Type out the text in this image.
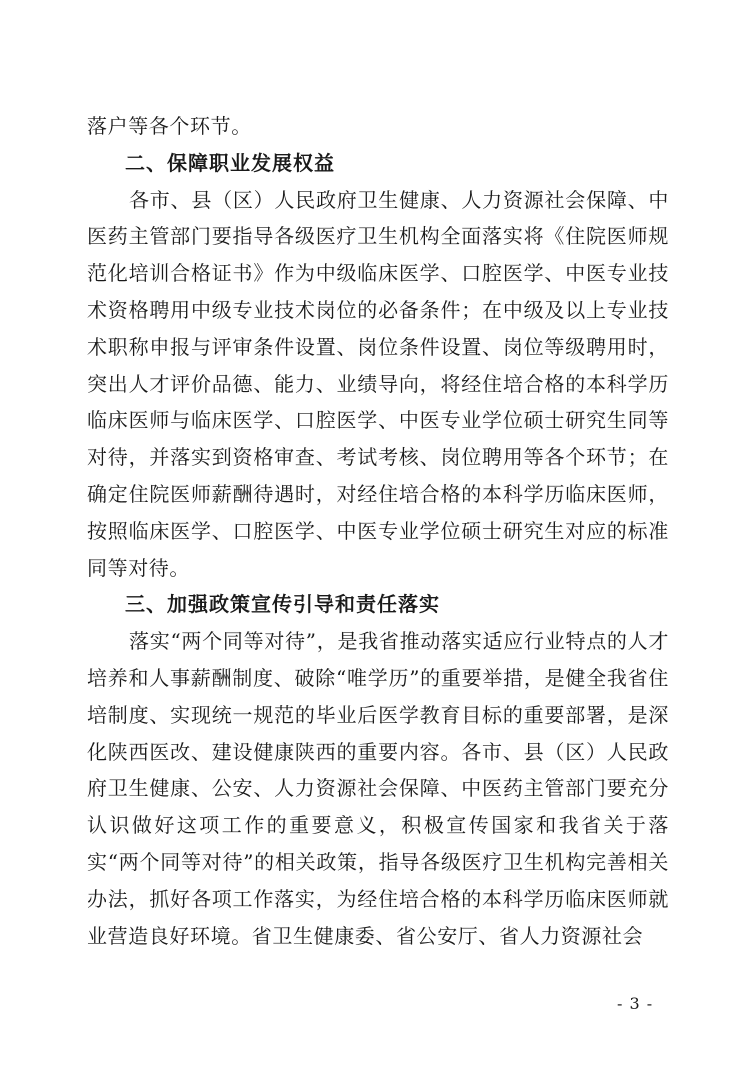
落户等各个环节。

二、保障职业发展权益

各市、县（区）人民政府卫生健康、人力资源社会保障、中医药主管部门要指导各级医疗卫生机构全面落实将《住院医师规范化培训合格证书》作为中级临床医学、口腔医学、中医专业技术资格聘用中级专业技术岗位的必备条件；在中级及以上专业技术职称申报与评审条件设置、岗位条件设置、岗位等级聘用时，突出人才评价品德、能力、业绩导向，将经住培合格的本科学历临床医师与临床医学、口腔医学、中医专业学位硕士研究生同等对待，并落实到资格审查、考试考核、岗位聘用等各个环节；在确定住院医师薪酬待遇时，对经住培合格的本科学历临床医师，按照临床医学、口腔医学、中医专业学位硕士研究生对应的标准同等对待。

三、加强政策宣传引导和责任落实

落实“两个同等对待”，是我省推动落实适应行业特点的人才培养和人事薪酬制度、破除“唯学历”的重要举措，是健全我省住培制度、实现统一规范的毕业后医学教育目标的重要部署，是深化陕西医改、建设健康陕西的重要内容。各市、县（区）人民政府卫生健康、公安、人力资源社会保障、中医药主管部门要充分认识做好这项工作的重要意义，积极宣传国家和我省关于落实“两个同等对待”的相关政策，指导各级医疗卫生机构完善相关办法，抓好各项工作落实，为经住培合格的本科学历临床医师就业营造良好环境。省卫生健康委、省公安厅、省人力资源社会

- 3 -
